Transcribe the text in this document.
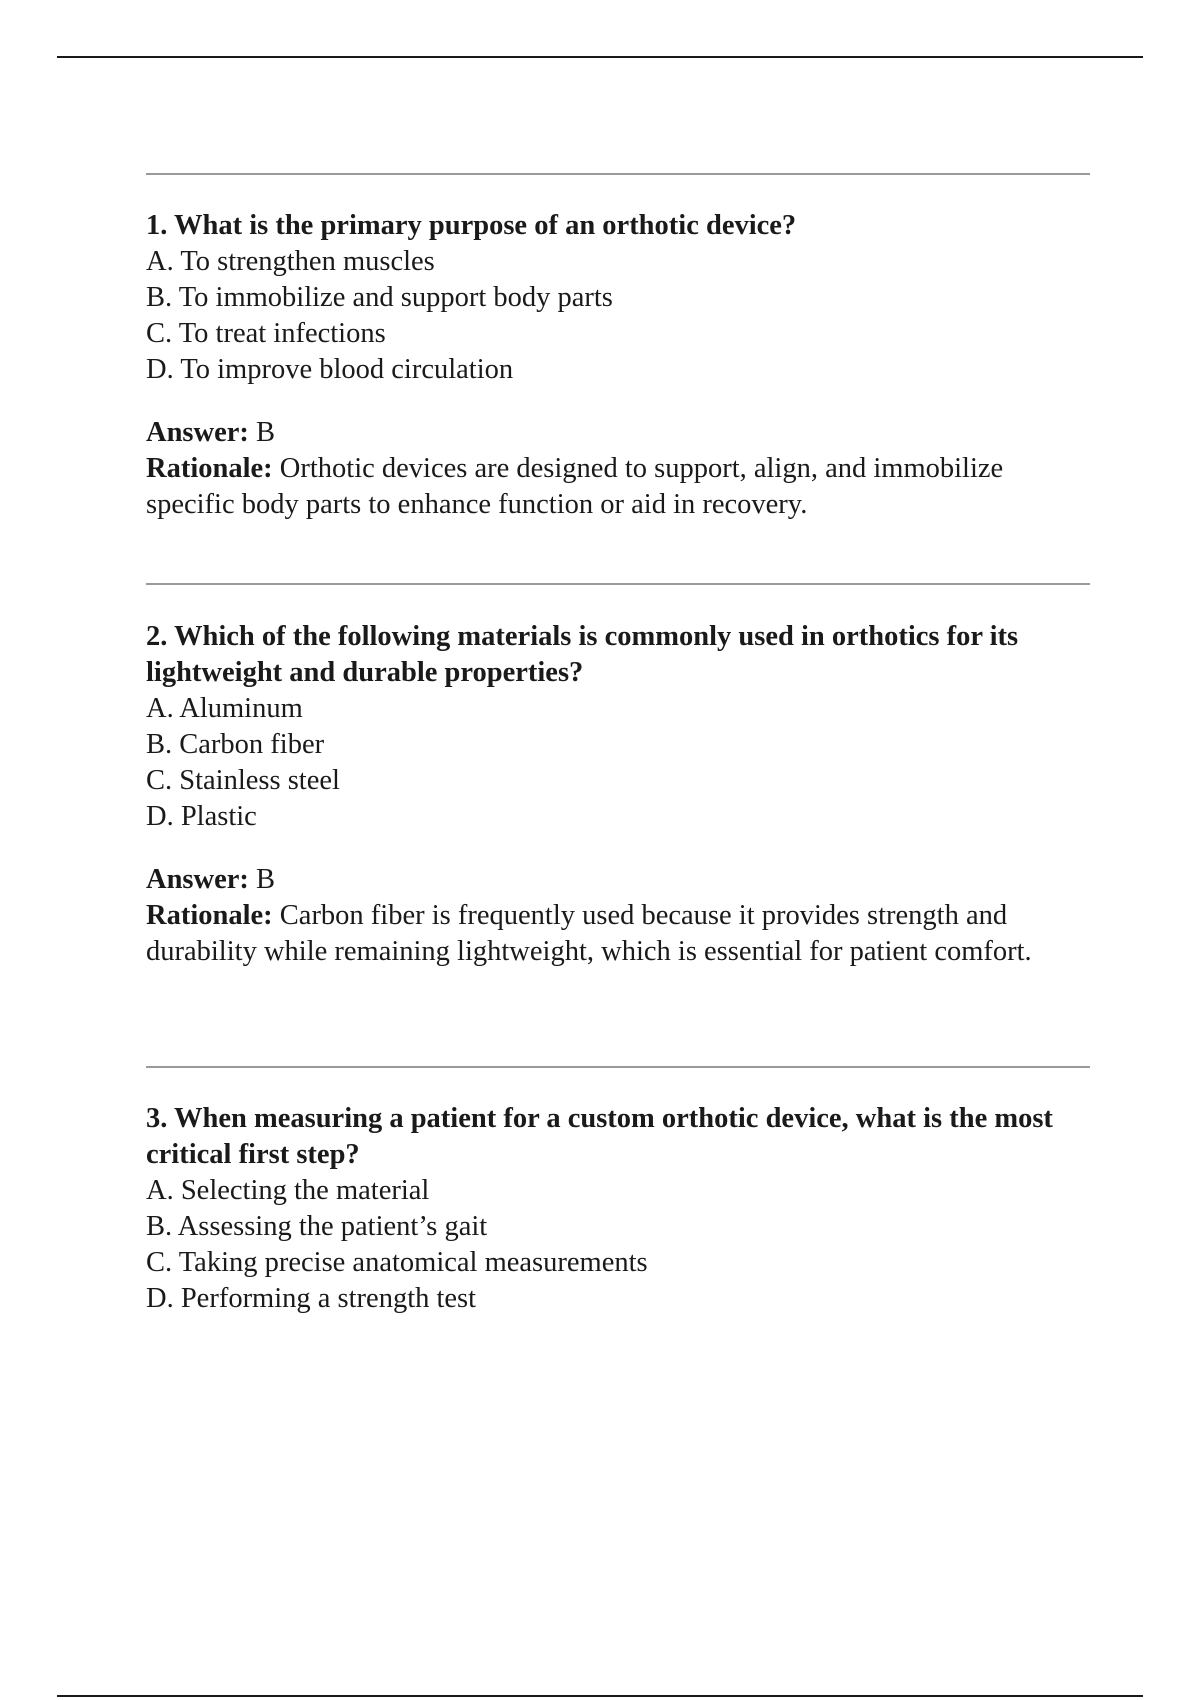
1. What is the primary purpose of an orthotic device?

A. To strengthen muscles

B. To immobilize and support body parts

C. To treat infections

D. To improve blood circulation

Answer: B

Rationale: Orthotic devices are designed to support, align, and immobilize specific body parts to enhance function or aid in recovery.

2. Which of the following materials is commonly used in orthotics for its lightweight and durable properties?

A. Aluminum

B. Carbon fiber

C. Stainless steel

D. Plastic

Answer: B

Rationale: Carbon fiber is frequently used because it provides strength and durability while remaining lightweight, which is essential for patient comfort.

3. When measuring a patient for a custom orthotic device, what is the most critical first step?

A. Selecting the material

B. Assessing the patient’s gait

C. Taking precise anatomical measurements

D. Performing a strength test
